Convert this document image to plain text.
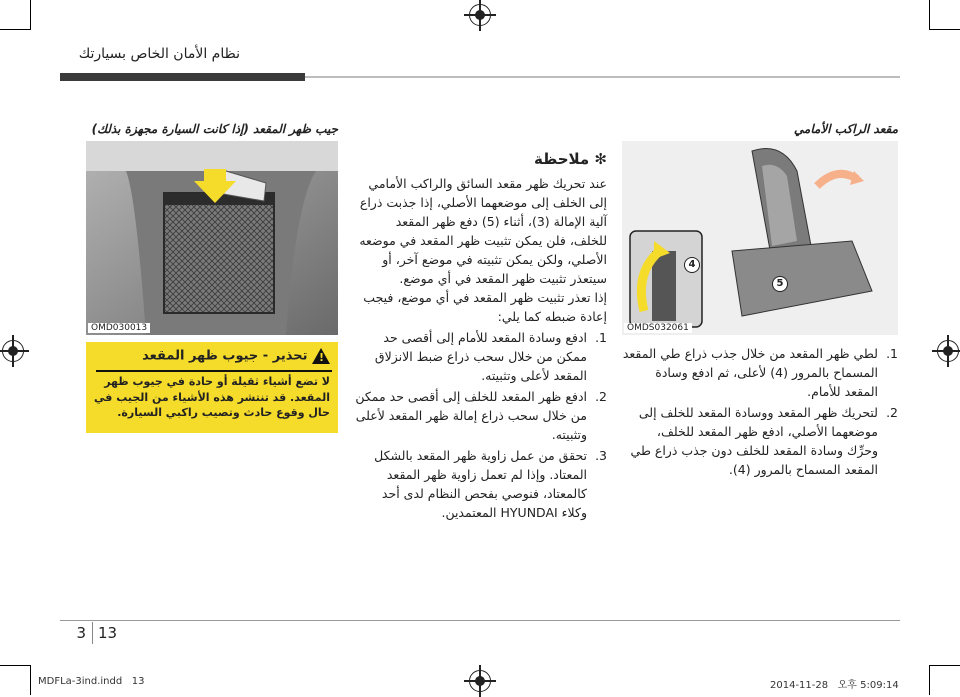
نظام الأمان الخاص بسيارتك
جيب ظهر المقعد (إذا كانت السيارة مجهزة بذلك)
OMD030013
!
تحذير - جيوب ظهر المقعد
لا تضع أشياء ثقيلة أو حادة في جيوب ظهر المقعد. قد تنتشر هذه الأشياء من الجيب في حال وقوع حادث وتصيب راكبي السيارة.
✻ ملاحظة
عند تحريك ظهر مقعد السائق والراكب الأمامي إلى الخلف إلى موضعهما الأصلي، إذا جذبت ذراع آلية الإمالة (3)، أثناء (5) دفع ظهر المقعد للخلف، فلن يمكن تثبيت ظهر المقعد في موضعه الأصلي، ولكن يمكن تثبيته في موضع آخر، أو سيتعذر تثبيت ظهر المقعد في أي موضع.
إذا تعذر تثبيت ظهر المقعد في أي موضع، فيجب إعادة ضبطه كما يلي:
1.
ادفع وسادة المقعد للأمام إلى أقصى حد ممكن من خلال سحب ذراع ضبط الانزلاق المقعد لأعلى وتثبيته.
2.
ادفع ظهر المقعد للخلف إلى أقصى حد ممكن من خلال سحب ذراع إمالة ظهر المقعد لأعلى وتثبيته.
3.
تحقق من عمل زاوية ظهر المقعد بالشكل المعتاد. وإذا لم تعمل زاوية ظهر المقعد كالمعتاد، فنوصي بفحص النظام لدى أحد وكلاء HYUNDAI المعتمدين.
مقعد الراكب الأمامي
4
5
OMDS032061
1.
لطي ظهر المقعد من خلال جذب ذراع طي المقعد المسماح بالمرور (4) لأعلى، ثم ادفع وسادة المقعد للأمام.
2.
لتحريك ظهر المقعد ووسادة المقعد للخلف إلى موضعهما الأصلي، ادفع ظهر المقعد للخلف، وحرِّك وسادة المقعد للخلف دون جذب ذراع طي المقعد المسماح بالمرور (4).
3 13
MDFLa-3ind.indd   13	2014-11-28   오후 5:09:14
